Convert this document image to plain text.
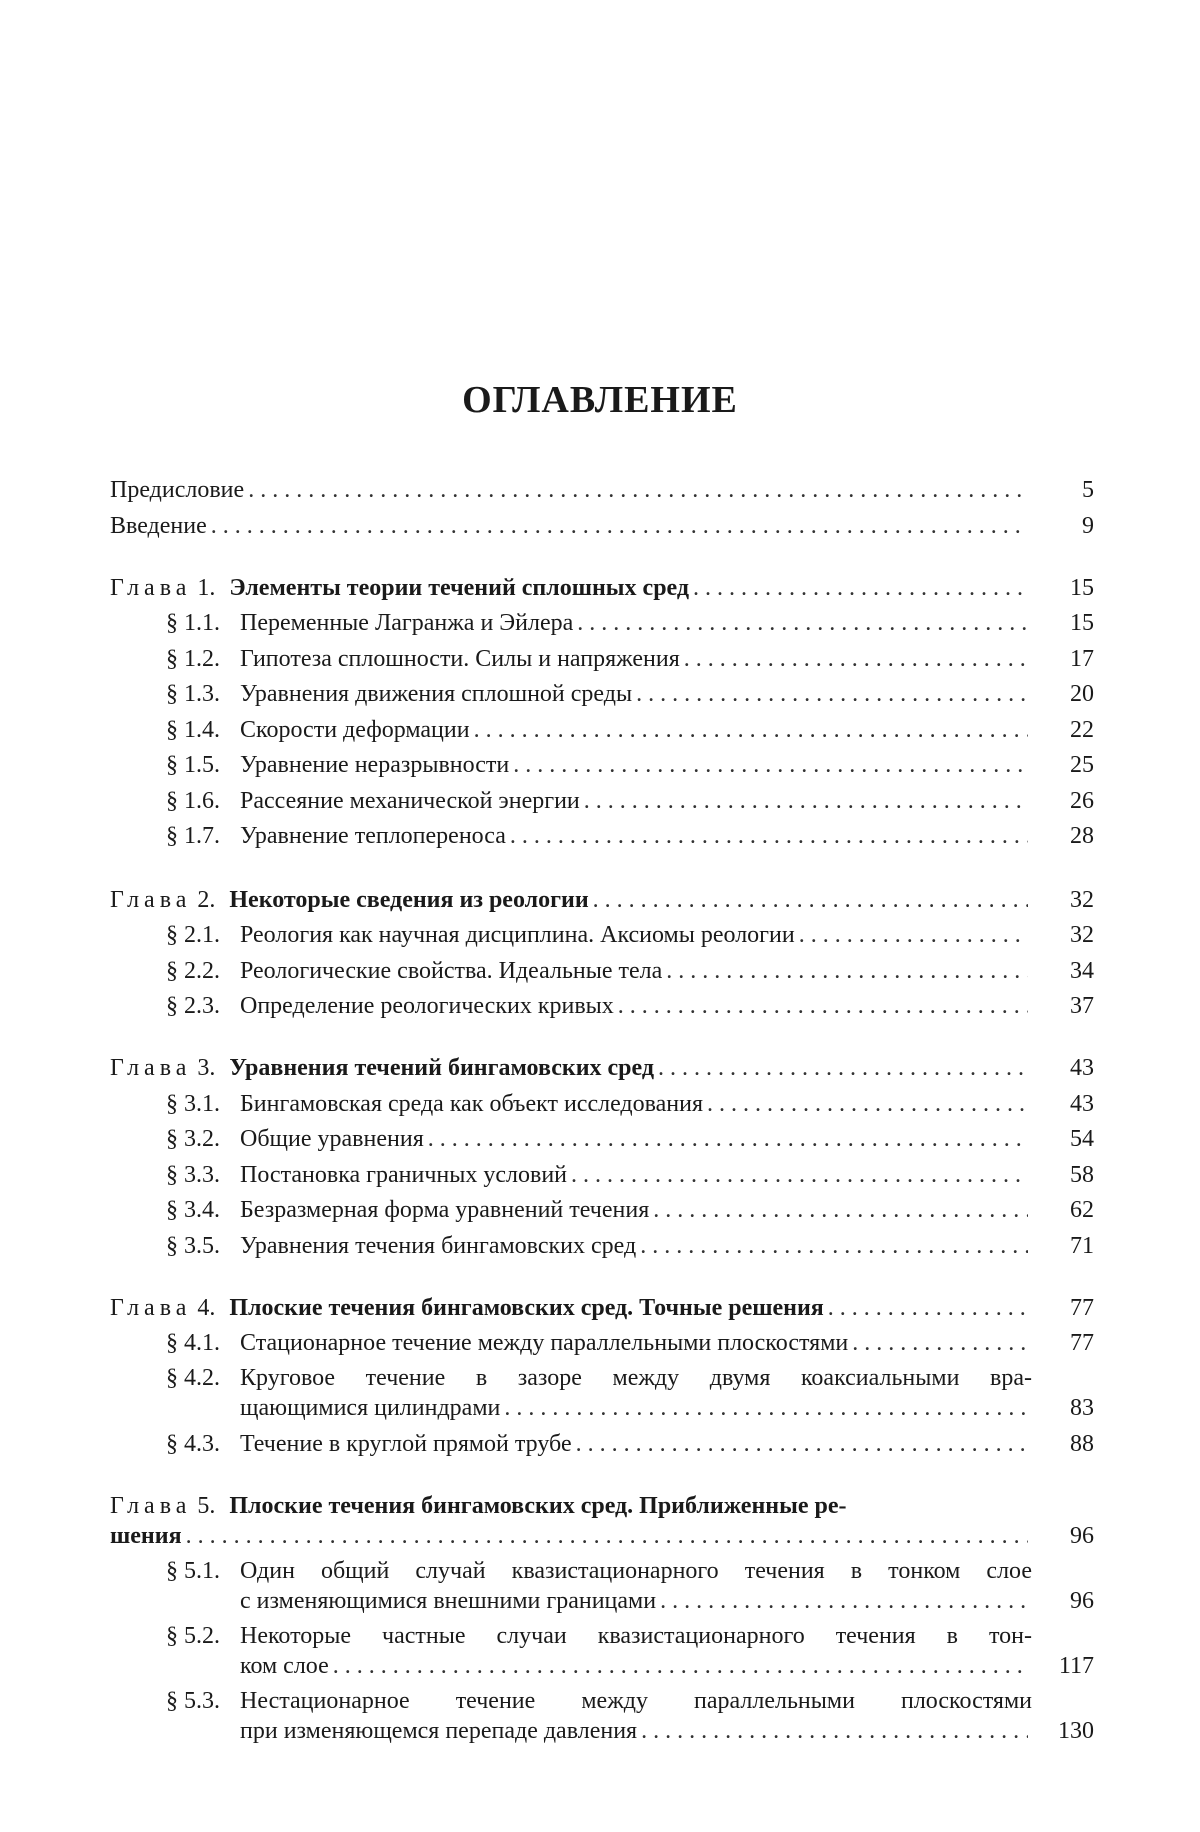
ОГЛАВЛЕНИЕ
Предисловие . . .	5
Введение . . .	9
Глава 1. Элементы теории течений сплошных сред . . .	15
§ 1.1. Переменные Лагранжа и Эйлера . . .	15
§ 1.2. Гипотеза сплошности. Силы и напряжения . . .	17
§ 1.3. Уравнения движения сплошной среды . . .	20
§ 1.4. Скорости деформации . . .	22
§ 1.5. Уравнение неразрывности . . .	25
§ 1.6. Рассеяние механической энергии . . .	26
§ 1.7. Уравнение теплопереноса . . .	28
Глава 2. Некоторые сведения из реологии . . .	32
§ 2.1. Реология как научная дисциплина. Аксиомы реологии . . .	32
§ 2.2. Реологические свойства. Идеальные тела . . .	34
§ 2.3. Определение реологических кривых . . .	37
Глава 3. Уравнения течений бингамовских сред . . .	43
§ 3.1. Бингамовская среда как объект исследования . . .	43
§ 3.2. Общие уравнения . . .	54
§ 3.3. Постановка граничных условий . . .	58
§ 3.4. Безразмерная форма уравнений течения . . .	62
§ 3.5. Уравнения течения бингамовских сред . . .	71
Глава 4. Плоские течения бингамовских сред. Точные решения . . .	77
§ 4.1. Стационарное течение между параллельными плоскостями . . .	77
§ 4.2. Круговое течение в зазоре между двумя коаксиальными вра-
щающимися цилиндрами . . .	83
§ 4.3. Течение в круглой прямой трубе . . .	88
Глава 5. Плоские течения бингамовских сред. Приближенные ре-
шения . . .	96
§ 5.1. Один общий случай квазистационарного течения в тонком слое
с изменяющимися внешними границами . . .	96
§ 5.2. Некоторые частные случаи квазистационарного течения в тон-
ком слое . . .	117
§ 5.3. Нестационарное течение между параллельными плоскостями
при изменяющемся перепаде давления . . .	130
